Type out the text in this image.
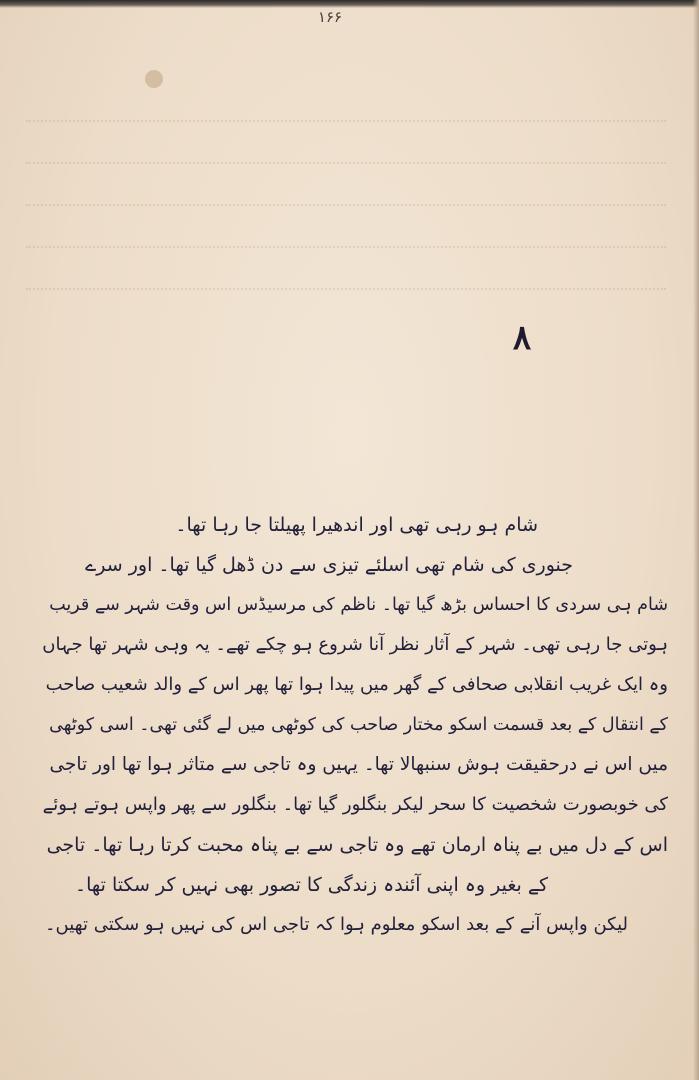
۱۶۶
۸
شام ہو رہی تھی اور اندھیرا پھیلتا جا رہا تھا۔
جنوری کی شام تھی اسلئے تیزی سے دن ڈھل گیا تھا۔ اور سرے
شام ہی سردی کا احساس بڑھ گیا تھا۔ ناظم کی مرسیڈس اس وقت شہر سے قریب
ہوتی جا رہی تھی۔ شہر کے آثار نظر آنا شروع ہو چکے تھے۔ یہ وہی شہر تھا جہاں
وہ ایک غریب انقلابی صحافی کے گھر میں پیدا ہوا تھا پھر اس کے والد شعیب صاحب
کے انتقال کے بعد قسمت اسکو مختار صاحب کی کوٹھی میں لے گئی تھی۔ اسی کوٹھی
میں اس نے درحقیقت ہوش سنبھالا تھا۔ یہیں وہ تاجی سے متاثر ہوا تھا اور تاجی
کی خوبصورت شخصیت کا سحر لیکر بنگلور گیا تھا۔ بنگلور سے پھر واپس ہوتے ہوئے
اس کے دل میں بے پناہ ارمان تھے وہ تاجی سے بے پناہ محبت کرتا رہا تھا۔ تاجی
کے بغیر وہ اپنی آئندہ زندگی کا تصور بھی نہیں کر سکتا تھا۔
لیکن واپس آنے کے بعد اسکو معلوم ہوا کہ تاجی اس کی نہیں ہو سکتی تھیں۔
